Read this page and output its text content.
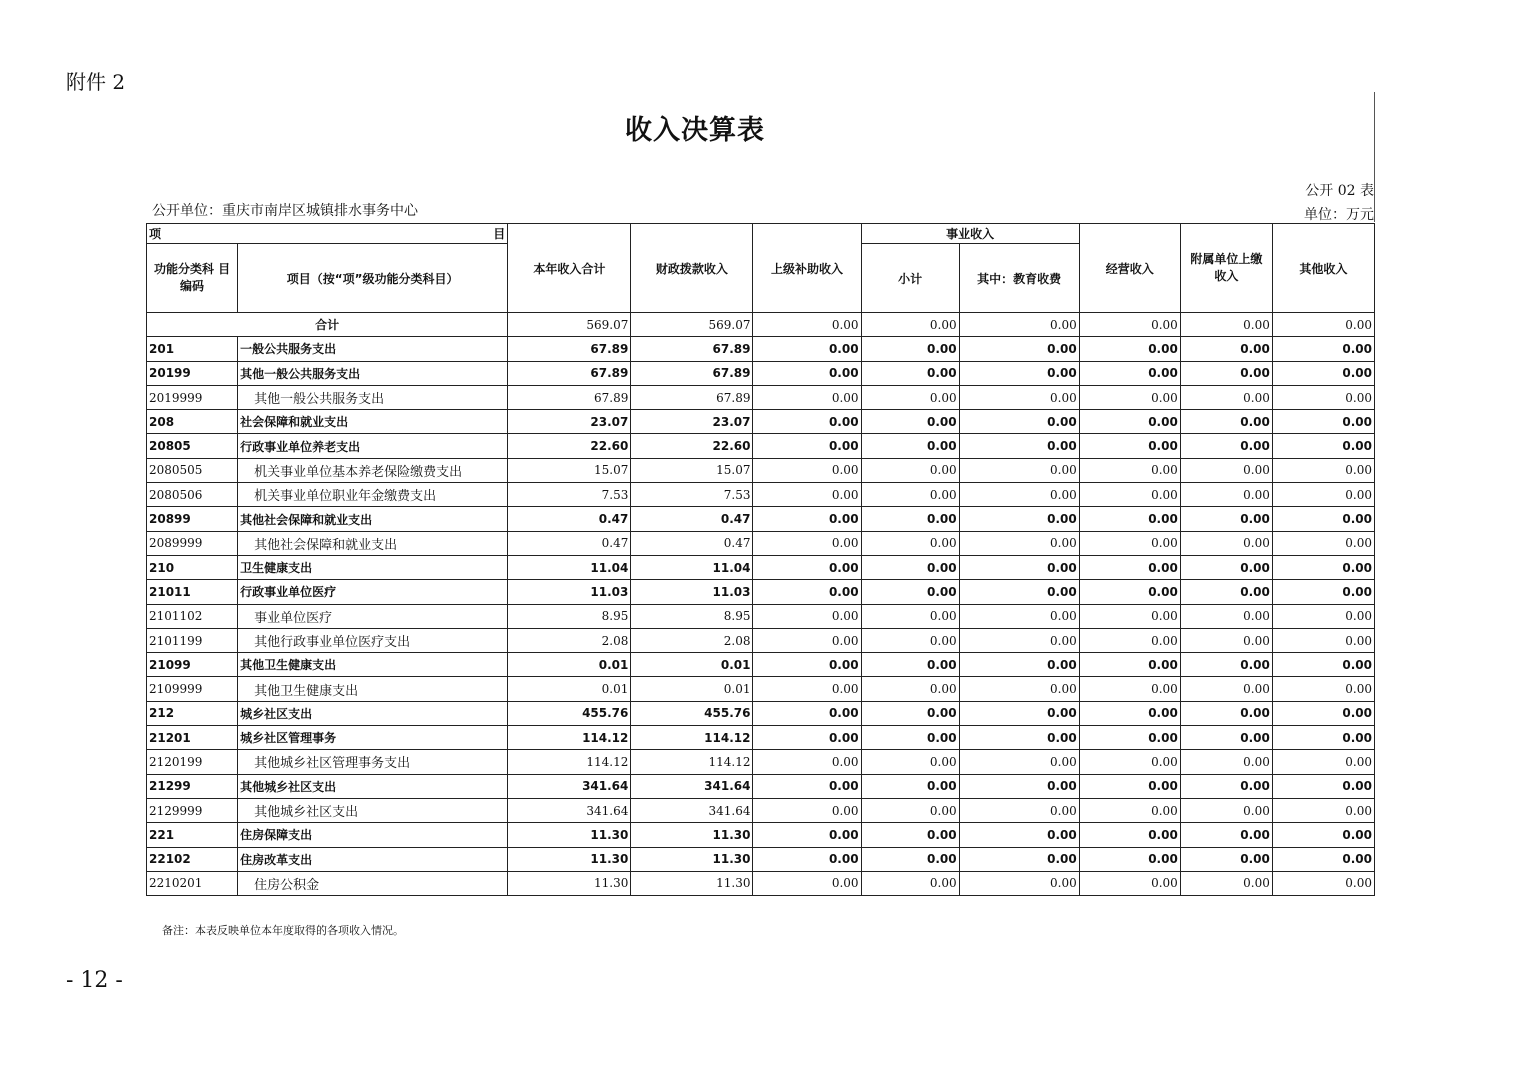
附件 2
收入决算表
公开 02 表
公开单位：重庆市南岸区城镇排水事务中心	单位：万元
项 目		本年收入合计	财政拨款收入	上级补助收入	事业收入		经营收入	附属单位上缴 收入	其他收入
功能分类科 目编码	项目（按“项”级功能分类科目）				小计	其中：教育收费			
合计		569.07	569.07	0.00	0.00	0.00	0.00	0.00	0.00
201	一般公共服务支出	67.89	67.89	0.00	0.00	0.00	0.00	0.00	0.00
20199	其他一般公共服务支出	67.89	67.89	0.00	0.00	0.00	0.00	0.00	0.00
2019999	其他一般公共服务支出	67.89	67.89	0.00	0.00	0.00	0.00	0.00	0.00
208	社会保障和就业支出	23.07	23.07	0.00	0.00	0.00	0.00	0.00	0.00
20805	行政事业单位养老支出	22.60	22.60	0.00	0.00	0.00	0.00	0.00	0.00
2080505	机关事业单位基本养老保险缴费支出	15.07	15.07	0.00	0.00	0.00	0.00	0.00	0.00
2080506	机关事业单位职业年金缴费支出	7.53	7.53	0.00	0.00	0.00	0.00	0.00	0.00
20899	其他社会保障和就业支出	0.47	0.47	0.00	0.00	0.00	0.00	0.00	0.00
2089999	其他社会保障和就业支出	0.47	0.47	0.00	0.00	0.00	0.00	0.00	0.00
210	卫生健康支出	11.04	11.04	0.00	0.00	0.00	0.00	0.00	0.00
21011	行政事业单位医疗	11.03	11.03	0.00	0.00	0.00	0.00	0.00	0.00
2101102	事业单位医疗	8.95	8.95	0.00	0.00	0.00	0.00	0.00	0.00
2101199	其他行政事业单位医疗支出	2.08	2.08	0.00	0.00	0.00	0.00	0.00	0.00
21099	其他卫生健康支出	0.01	0.01	0.00	0.00	0.00	0.00	0.00	0.00
2109999	其他卫生健康支出	0.01	0.01	0.00	0.00	0.00	0.00	0.00	0.00
212	城乡社区支出	455.76	455.76	0.00	0.00	0.00	0.00	0.00	0.00
21201	城乡社区管理事务	114.12	114.12	0.00	0.00	0.00	0.00	0.00	0.00
2120199	其他城乡社区管理事务支出	114.12	114.12	0.00	0.00	0.00	0.00	0.00	0.00
21299	其他城乡社区支出	341.64	341.64	0.00	0.00	0.00	0.00	0.00	0.00
2129999	其他城乡社区支出	341.64	341.64	0.00	0.00	0.00	0.00	0.00	0.00
221	住房保障支出	11.30	11.30	0.00	0.00	0.00	0.00	0.00	0.00
22102	住房改革支出	11.30	11.30	0.00	0.00	0.00	0.00	0.00	0.00
2210201	住房公积金	11.30	11.30	0.00	0.00	0.00	0.00	0.00	0.00
备注：本表反映单位本年度取得的各项收入情况。
- 12 -
